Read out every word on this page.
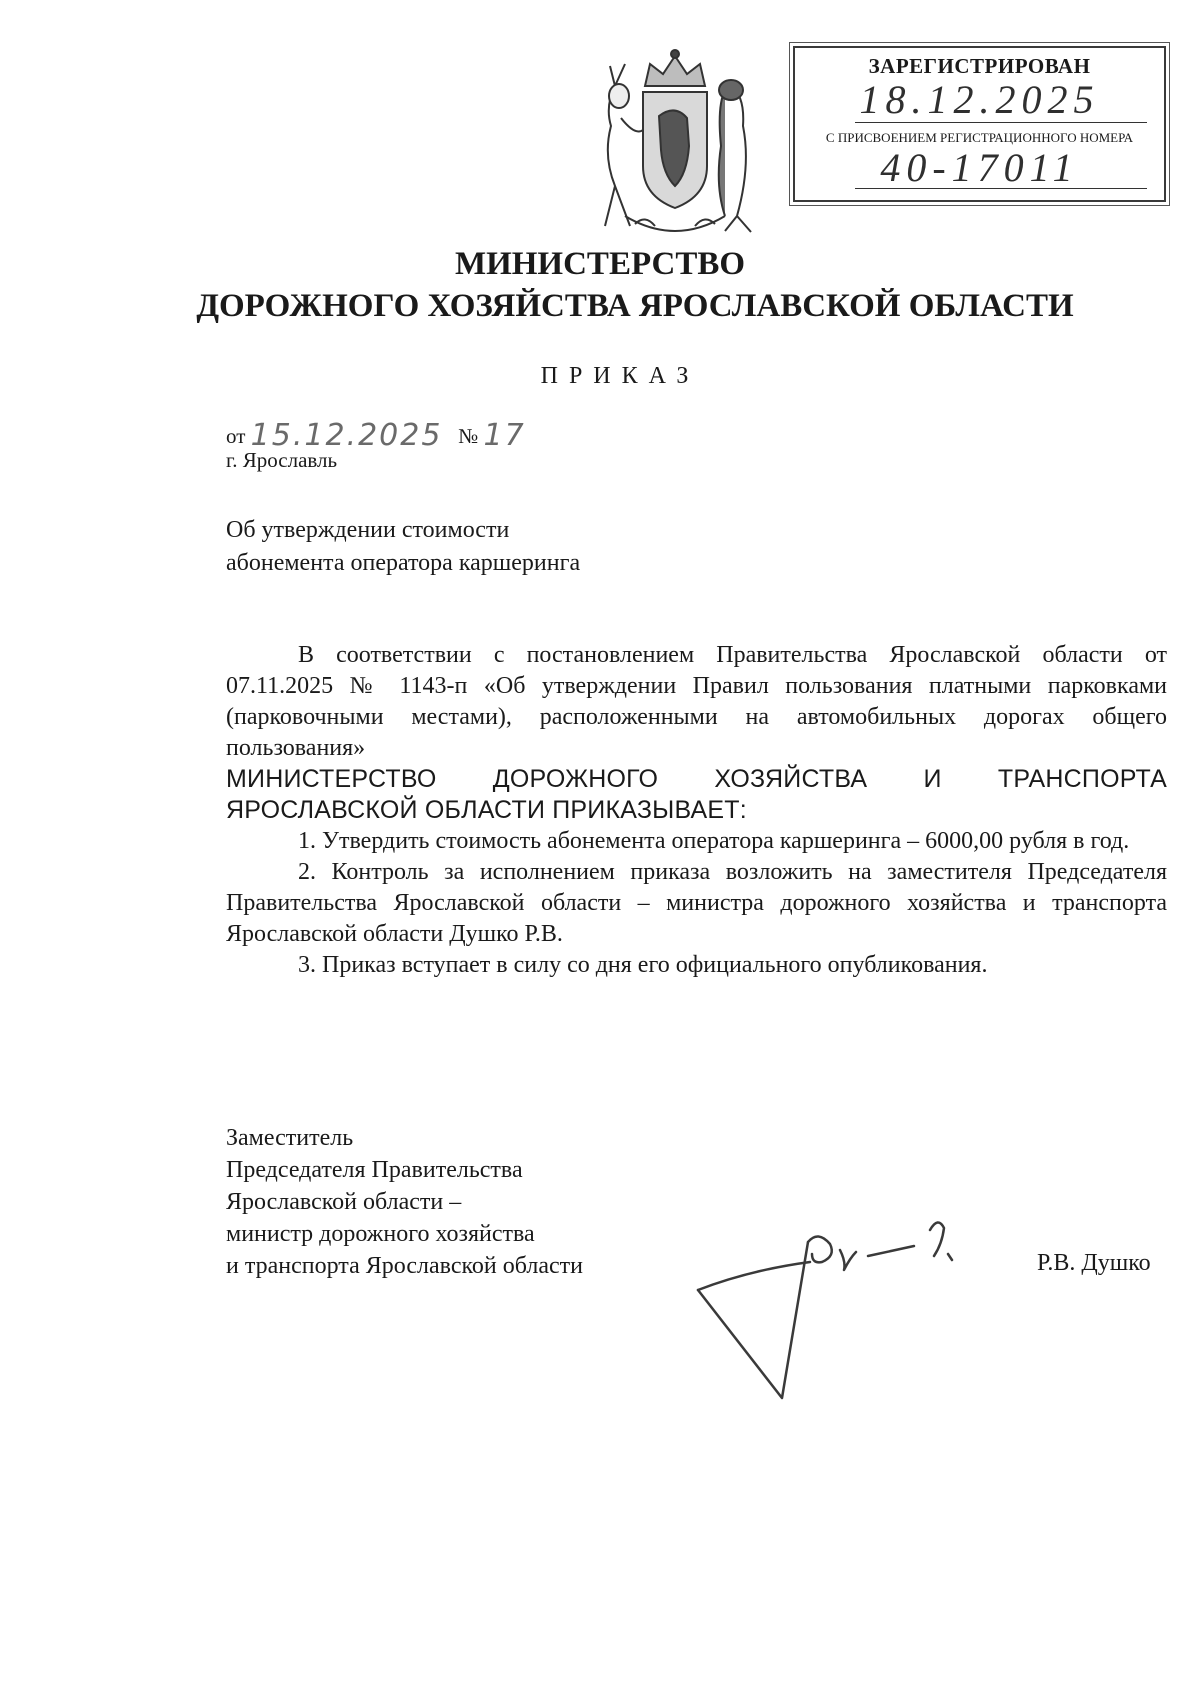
ЗАРЕГИСТРИРОВАН
18.12.2025
С ПРИСВОЕНИЕМ РЕГИСТРАЦИОННОГО НОМЕРА
40-17011
МИНИСТЕРСТВО
ДОРОЖНОГО ХОЗЯЙСТВА ЯРОСЛАВСКОЙ ОБЛАСТИ
ПРИКАЗ
от 15.12.2025 № 17
г. Ярославль
Об утверждении стоимости
абонемента оператора каршеринга

В соответствии с постановлением Правительства Ярославской области от 07.11.2025 № 1143-п «Об утверждении Правил пользования платными парковками (парковочными местами), расположенными на автомобильных дорогах общего пользования»

МИНИСТЕРСТВО ДОРОЖНОГО ХОЗЯЙСТВА И ТРАНСПОРТА ЯРОСЛАВСКОЙ ОБЛАСТИ ПРИКАЗЫВАЕТ:

1. Утвердить стоимость абонемента оператора каршеринга – 6000,00 рубля в год.

2. Контроль за исполнением приказа возложить на заместителя Председателя Правительства Ярославской области – министра дорожного хозяйства и транспорта Ярославской области Душко Р.В.

3. Приказ вступает в силу со дня его официального опубликования.

Заместитель
Председателя Правительства
Ярославской области –
министр дорожного хозяйства
и транспорта Ярославской области	Р.В. Душко
